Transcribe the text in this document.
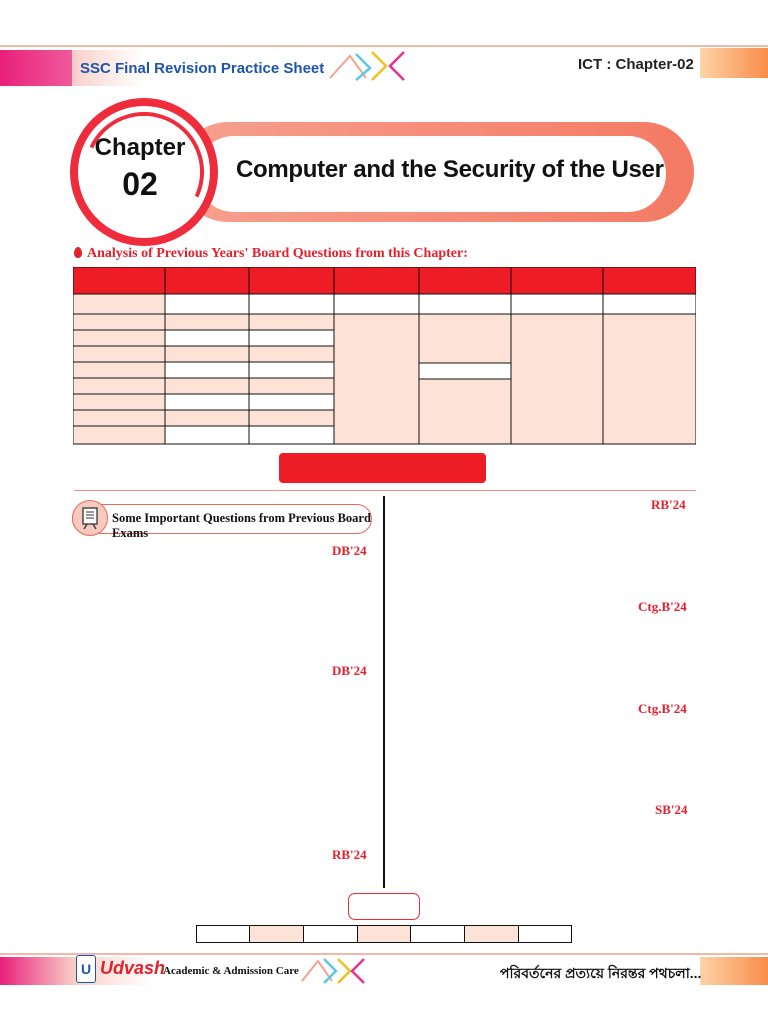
SSC Final Revision Practice Sheet	ICT : Chapter-02
Computer and the Security of the User
Chapter
02
Analysis of Previous Years' Board Questions from this Chapter:
Some Important Questions from Previous Board Exams
DB'24
DB'24
RB'24
RB'24
Ctg.B'24
Ctg.B'24
SB'24
U Udvash
Academic & Admission Care	পরিবর্তনের প্রত্যয়ে নিরন্তর পথচলা...
